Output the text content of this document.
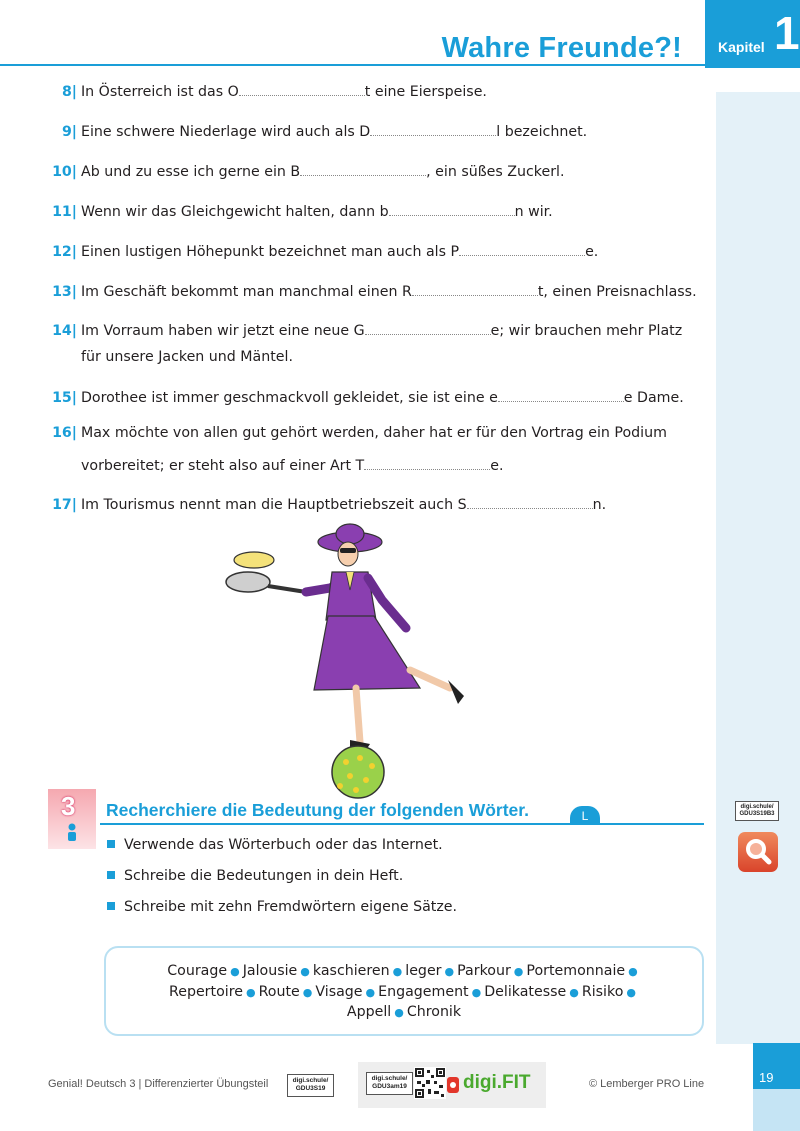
Wahre Freunde?!	Kapitel 1
digi.schule/
GDU3S19B3
8| In Österreich ist das O	t eine Eierspeise.
9| Eine schwere Niederlage wird auch als D	l bezeichnet.
10| Ab und zu esse ich gerne ein B	, ein süßes Zuckerl.
11| Wenn wir das Gleichgewicht halten, dann b	n wir.
12| Einen lustigen Höhepunkt bezeichnet man auch als P	e.
13| Im Geschäft bekommt man manchmal einen R	t, einen Preisnachlass.
14| Im Vorraum haben wir jetzt eine neue G	e; wir brauchen mehr Platz
für unsere Jacken und Mäntel.
15| Dorothee ist immer geschmackvoll gekleidet, sie ist eine e	e Dame.
16| Max möchte von allen gut gehört werden, daher hat er für den Vortrag ein Podium
vorbereitet; er steht also auf einer Art T	e.
17| Im Tourismus nennt man die Hauptbetriebszeit auch S	n.
3 Recherchiere die Bedeutung der folgenden Wörter.	L
Verwende das Wörterbuch oder das Internet.
Schreibe die Bedeutungen in dein Heft.
Schreibe mit zehn Fremdwörtern eigene Sätze.
Courage ● Jalousie ● kaschieren ● leger ● Parkour ● Portemonnaie ●
Repertoire ● Route ● Visage ● Engagement ● Delikatesse ● Risiko ●
Appell ● Chronik
Genial! Deutsch 3 | Differenzierter Übungsteil	digi.schule/
GDU3S19
digi.schule/
GDU3am19	digi.FIT	© Lemberger PRO Line	19
